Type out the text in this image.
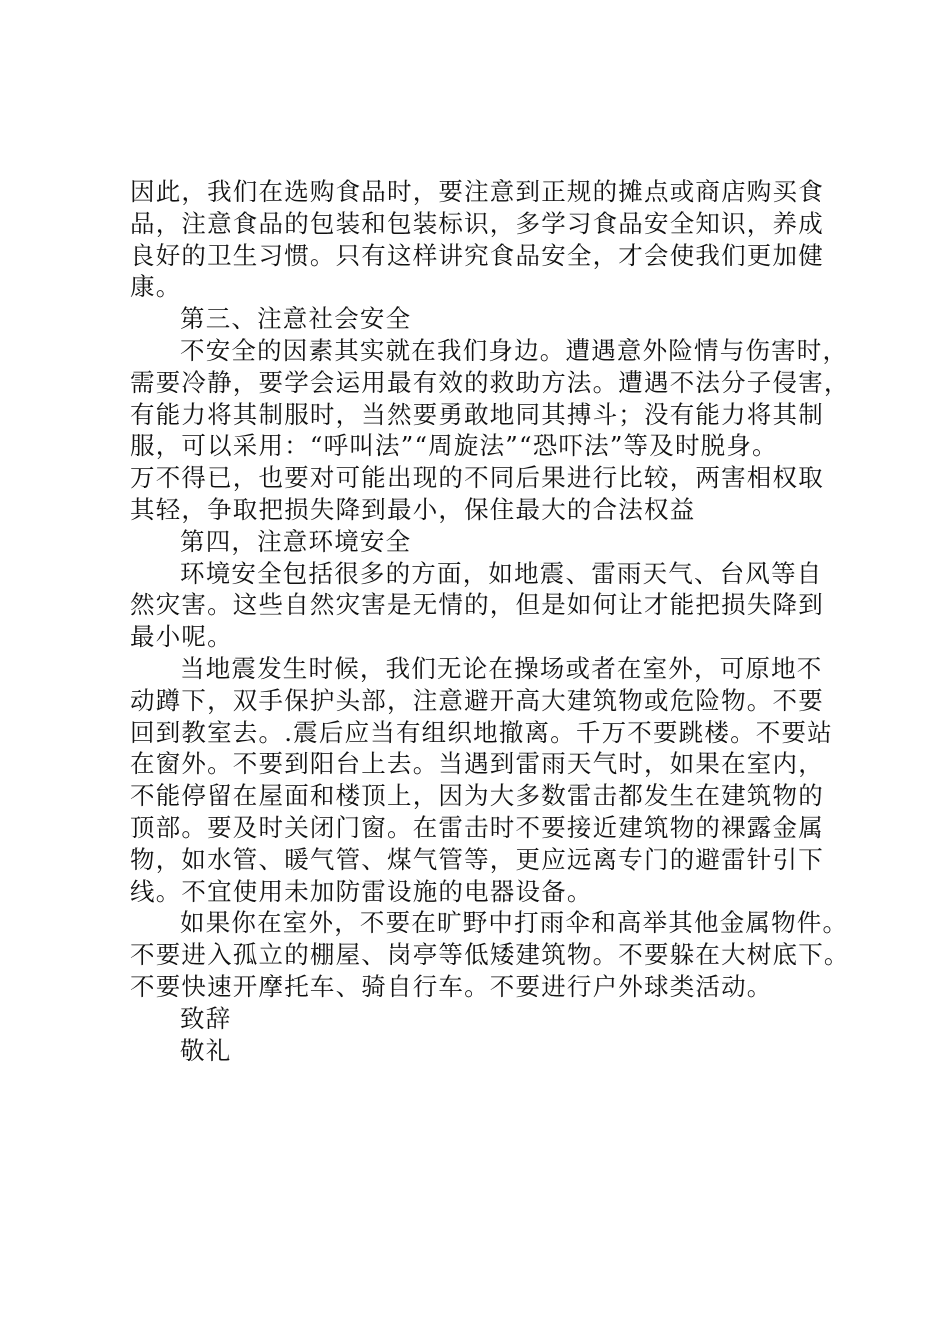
因此，我们在选购食品时，要注意到正规的摊点或商店购买食
品，注意食品的包装和包装标识，多学习食品安全知识，养成
良好的卫生习惯。只有这样讲究食品安全，才会使我们更加健
康。
第三、注意社会安全
不安全的因素其实就在我们身边。遭遇意外险情与伤害时，
需要冷静，要学会运用最有效的救助方法。遭遇不法分子侵害，
有能力将其制服时，当然要勇敢地同其搏斗；没有能力将其制
服，可以采用：“呼叫法”“周旋法”“恐吓法”等及时脱身。
万不得已，也要对可能出现的不同后果进行比较，两害相权取
其轻，争取把损失降到最小，保住最大的合法权益
第四，注意环境安全
环境安全包括很多的方面，如地震、雷雨天气、台风等自
然灾害。这些自然灾害是无情的，但是如何让才能把损失降到
最小呢。
当地震发生时候，我们无论在操场或者在室外，可原地不
动蹲下，双手保护头部，注意避开高大建筑物或危险物。不要
回到教室去。.震后应当有组织地撤离。千万不要跳楼。不要站
在窗外。不要到阳台上去。当遇到雷雨天气时，如果在室内，
不能停留在屋面和楼顶上，因为大多数雷击都发生在建筑物的
顶部。要及时关闭门窗。在雷击时不要接近建筑物的裸露金属
物，如水管、暖气管、煤气管等，更应远离专门的避雷针引下
线。不宜使用未加防雷设施的电器设备。
如果你在室外，不要在旷野中打雨伞和高举其他金属物件。
不要进入孤立的棚屋、岗亭等低矮建筑物。不要躲在大树底下。
不要快速开摩托车、骑自行车。不要进行户外球类活动。
致辞
敬礼
